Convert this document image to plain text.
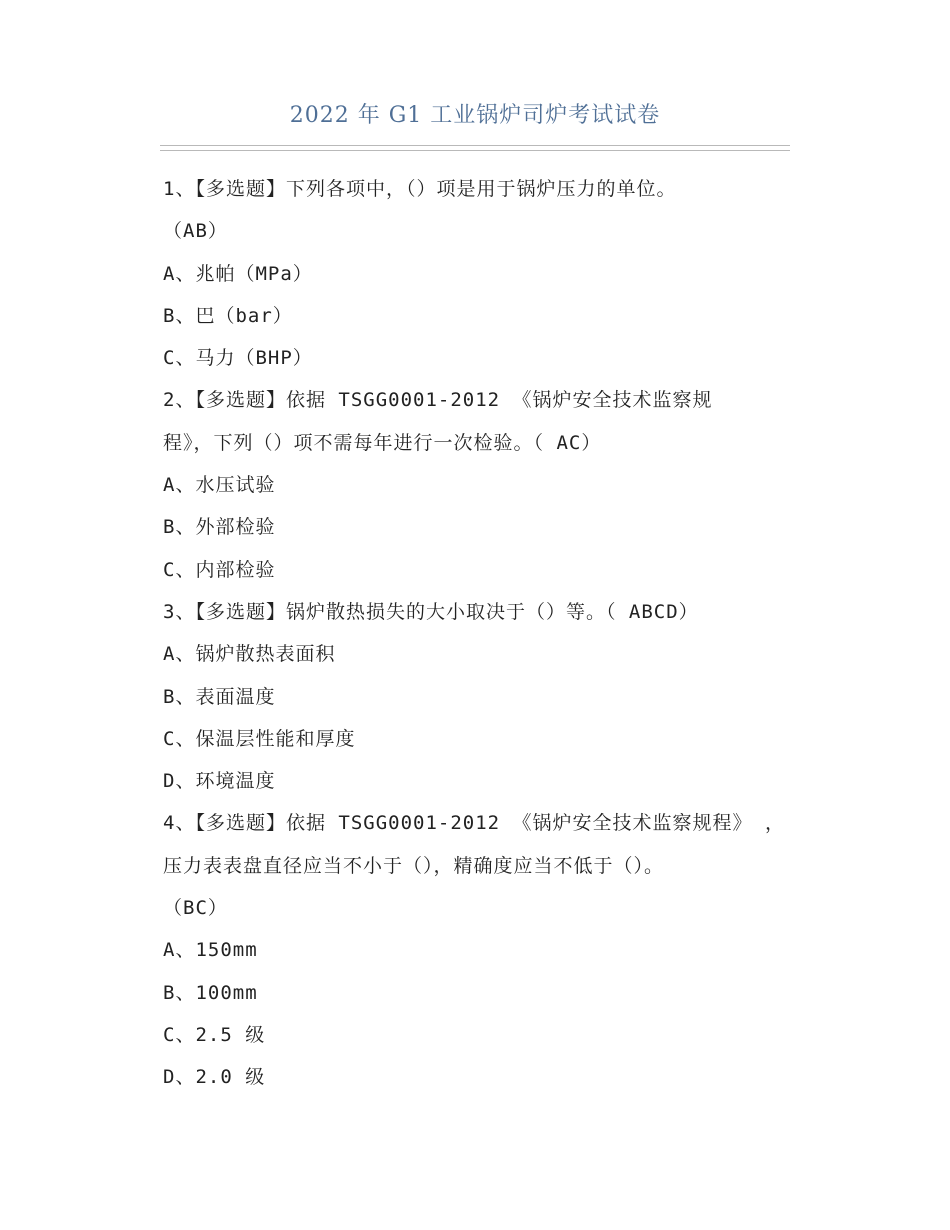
2022 年 G1 工业锅炉司炉考试试卷
1、【多选题】下列各项中，（）项是用于锅炉压力的单位。
（AB）
A、兆帕（MPa）
B、巴（bar）
C、马力（BHP）
2、【多选题】依据 TSGG0001-2012 《锅炉安全技术监察规
程》，下列（）项不需每年进行一次检验。（ AC）
A、水压试验
B、外部检验
C、内部检验
3、【多选题】锅炉散热损失的大小取决于（）等。（ ABCD）
A、锅炉散热表面积
B、表面温度
C、保温层性能和厚度
D、环境温度
4、【多选题】依据 TSGG0001-2012 《锅炉安全技术监察规程》 ，
压力表表盘直径应当不小于（），精确度应当不低于（）。
（BC）
A、150mm
B、100mm
C、2.5 级
D、2.0 级
